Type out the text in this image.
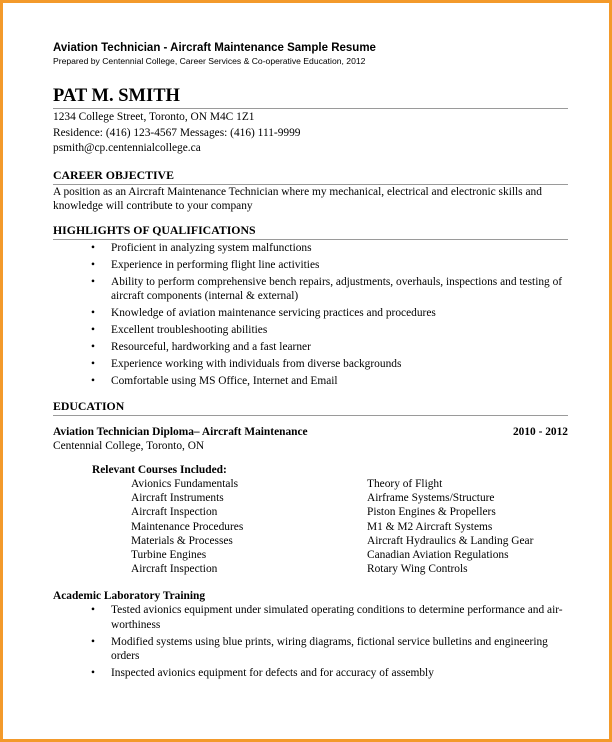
Aviation Technician - Aircraft Maintenance Sample Resume
Prepared by Centennial College, Career Services & Co-operative Education, 2012
PAT M. SMITH
1234 College Street, Toronto, ON M4C 1Z1
Residence: (416) 123-4567 Messages: (416) 111-9999
psmith@cp.centennialcollege.ca
CAREER OBJECTIVE
A position as an Aircraft Maintenance Technician where my mechanical, electrical and electronic skills and knowledge will contribute to your company
HIGHLIGHTS OF QUALIFICATIONS
• Proficient in analyzing system malfunctions
• Experience in performing flight line activities
• Ability to perform comprehensive bench repairs, adjustments, overhauls, inspections and testing of aircraft components (internal & external)
• Knowledge of aviation maintenance servicing practices and procedures
• Excellent troubleshooting abilities
• Resourceful, hardworking and a fast learner
• Experience working with individuals from diverse backgrounds
• Comfortable using MS Office, Internet and Email
EDUCATION
Aviation Technician Diploma– Aircraft Maintenance	2010 - 2012
Centennial College, Toronto, ON
Relevant Courses Included:
Avionics Fundamentals
Aircraft Instruments
Aircraft Inspection
Maintenance Procedures
Materials & Processes
Turbine Engines
Aircraft Inspection
Theory of Flight
Airframe Systems/Structure
Piston Engines & Propellers
M1 & M2 Aircraft Systems
Aircraft Hydraulics & Landing Gear
Canadian Aviation Regulations
Rotary Wing Controls
Academic Laboratory Training
• Tested avionics equipment under simulated operating conditions to determine performance and air-worthiness
• Modified systems using blue prints, wiring diagrams, fictional service bulletins and engineering orders
• Inspected avionics equipment for defects and for accuracy of assembly
